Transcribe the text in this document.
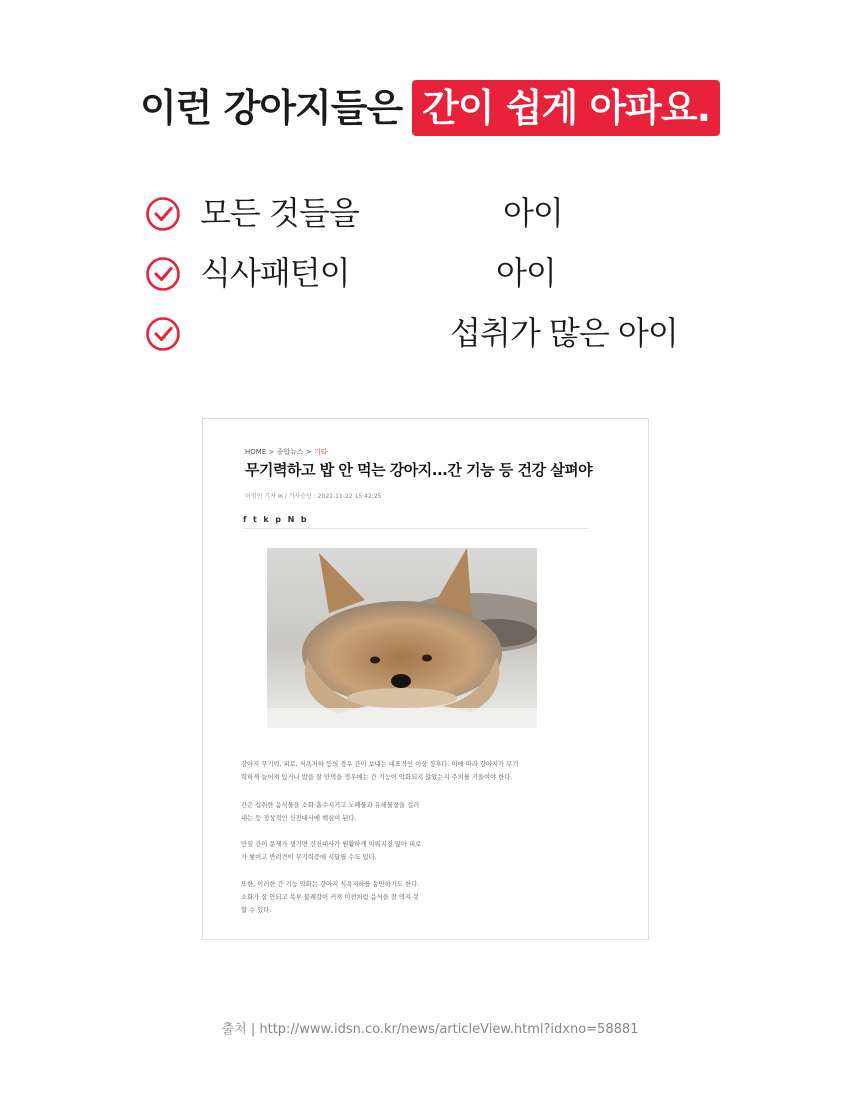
이런 강아지들은 간이 쉽게 아파요.
모든 것들을	아이
식사패턴이	아이
섭취가 많은 아이
HOME > 종합뉴스 > 기타
무기력하고 밥 안 먹는 강아지...간 기능 등 건강 살펴야
이정민 기자 ✉ / 기사승인 : 2021-11-22 15:42:25
f t k p N b
강아지 무기력, 피로, 식욕저하 등의 경우 간이 보내는 대표적인 이상 징후다. 이에 따라 강아지가 무기
력하게 늘어져 있거나 밥을 잘 안먹을 경우에는 간 기능이 악화되지 않았는지 주의를 기울여야 한다.
간은 섭취한 음식물을 소화·흡수시키고 노폐물과 유해물질을 걸러
내는 등 정상적인 신진대사에 핵심이 된다.
만일 간이 문제가 생기면 신진대사가 원활하게 이뤄지질 않아 피로
가 쌓이고 반려견이 무기력증에 시달릴 수도 있다.
또한, 이러한 간 기능 악화는 강아지 식욕저하를 동반하기도 한다.
소화가 잘 안되고 복부 불쾌감이 커져 이전처럼 음식을 잘 먹지 못
할 수 있다.
출처 | http://www.idsn.co.kr/news/articleView.html?idxno=58881
